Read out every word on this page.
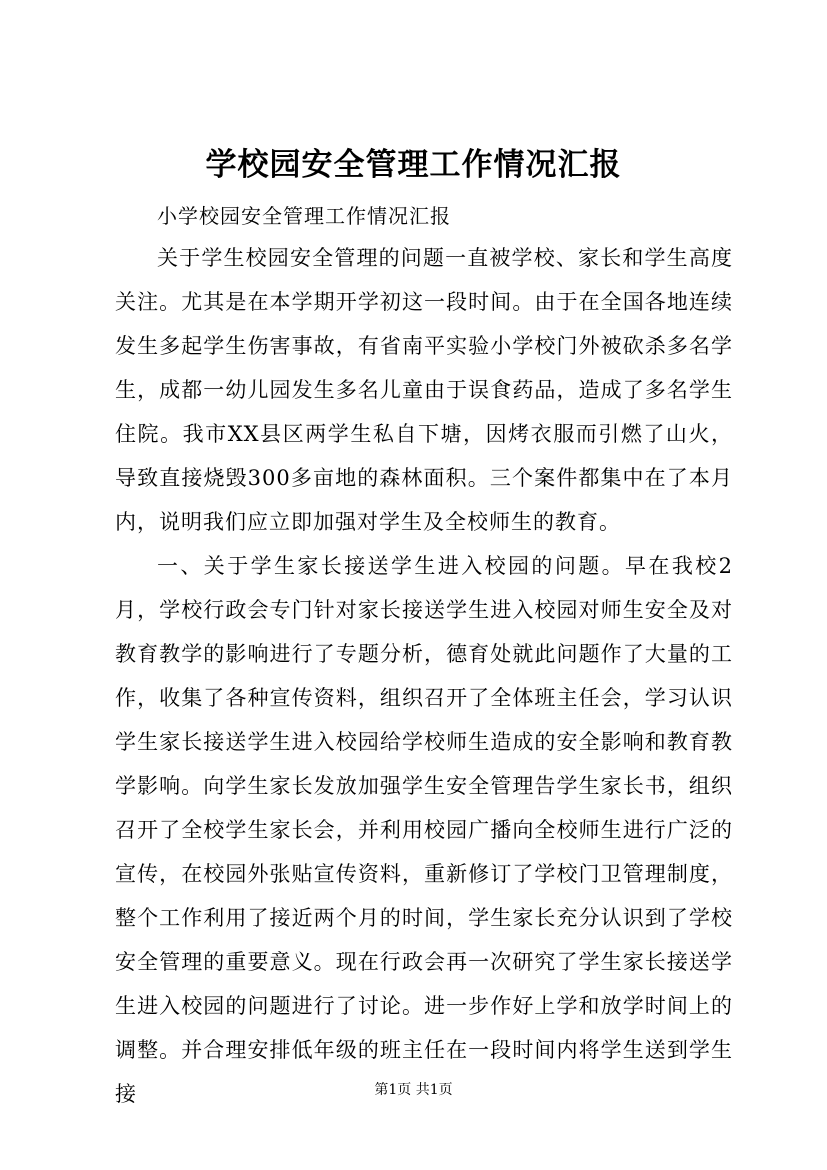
学校园安全管理工作情况汇报
小学校园安全管理工作情况汇报

关于学生校园安全管理的问题一直被学校、家长和学生高度关注。尤其是在本学期开学初这一段时间。由于在全国各地连续发生多起学生伤害事故，有省南平实验小学校门外被砍杀多名学生，成都一幼儿园发生多名儿童由于误食药品，造成了多名学生住院。我市XX县区两学生私自下塘，因烤衣服而引燃了山火，导致直接烧毁300多亩地的森林面积。三个案件都集中在了本月内，说明我们应立即加强对学生及全校师生的教育。

一、关于学生家长接送学生进入校园的问题。早在我校2月，学校行政会专门针对家长接送学生进入校园对师生安全及对教育教学的影响进行了专题分析，德育处就此问题作了大量的工作，收集了各种宣传资料，组织召开了全体班主任会，学习认识学生家长接送学生进入校园给学校师生造成的安全影响和教育教学影响。向学生家长发放加强学生安全管理告学生家长书，组织召开了全校学生家长会，并利用校园广播向全校师生进行广泛的宣传，在校园外张贴宣传资料，重新修订了学校门卫管理制度，整个工作利用了接近两个月的时间，学生家长充分认识到了学校安全管理的重要意义。现在行政会再一次研究了学生家长接送学生进入校园的问题进行了讨论。进一步作好上学和放学时间上的调整。并合理安排低年级的班主任在一段时间内将学生送到学生接	第1页 共1页
